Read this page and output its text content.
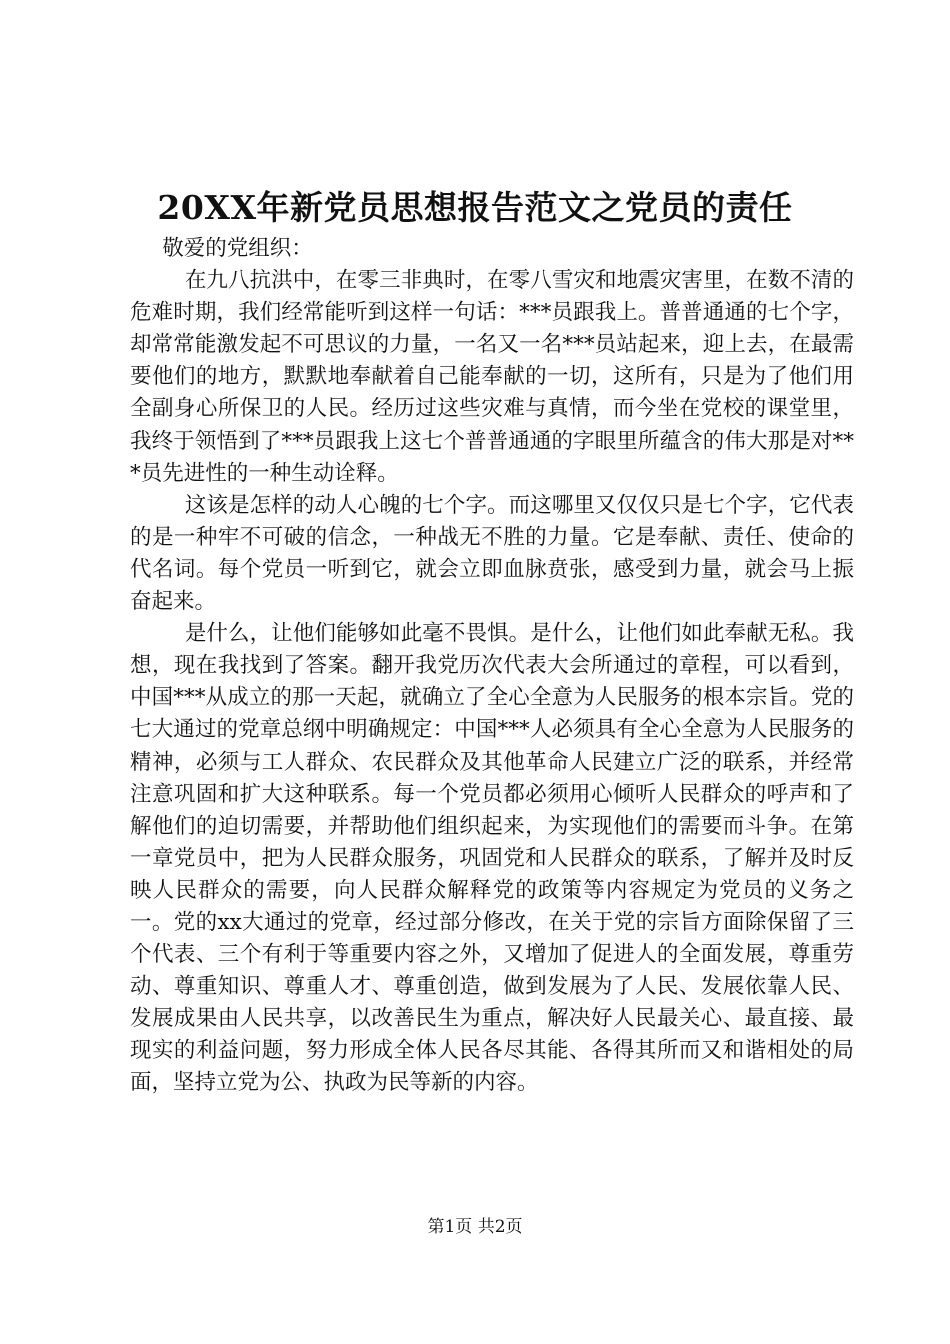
20XX年新党员思想报告范文之党员的责任

敬爱的党组织：

在九八抗洪中，在零三非典时，在零八雪灾和地震灾害里，在数不清的危难时期，我们经常能听到这样一句话：***员跟我上。普普通通的七个字，却常常能激发起不可思议的力量，一名又一名***员站起来，迎上去，在最需要他们的地方，默默地奉献着自己能奉献的一切，这所有，只是为了他们用全副身心所保卫的人民。经历过这些灾难与真情，而今坐在党校的课堂里，我终于领悟到了***员跟我上这七个普普通通的字眼里所蕴含的伟大那是对***员先进性的一种生动诠释。

这该是怎样的动人心魄的七个字。而这哪里又仅仅只是七个字，它代表的是一种牢不可破的信念，一种战无不胜的力量。它是奉献、责任、使命的代名词。每个党员一听到它，就会立即血脉贲张，感受到力量，就会马上振奋起来。

是什么，让他们能够如此毫不畏惧。是什么，让他们如此奉献无私。我想，现在我找到了答案。翻开我党历次代表大会所通过的章程，可以看到，中国***从成立的那一天起，就确立了全心全意为人民服务的根本宗旨。党的七大通过的党章总纲中明确规定：中国***人必须具有全心全意为人民服务的精神，必须与工人群众、农民群众及其他革命人民建立广泛的联系，并经常注意巩固和扩大这种联系。每一个党员都必须用心倾听人民群众的呼声和了解他们的迫切需要，并帮助他们组织起来，为实现他们的需要而斗争。在第一章党员中，把为人民群众服务，巩固党和人民群众的联系，了解并及时反映人民群众的需要，向人民群众解释党的政策等内容规定为党员的义务之一。党的xx大通过的党章，经过部分修改，在关于党的宗旨方面除保留了三个代表、三个有利于等重要内容之外，又增加了促进人的全面发展，尊重劳动、尊重知识、尊重人才、尊重创造，做到发展为了人民、发展依靠人民、发展成果由人民共享，以改善民生为重点，解决好人民最关心、最直接、最现实的利益问题，努力形成全体人民各尽其能、各得其所而又和谐相处的局面，坚持立党为公、执政为民等新的内容。

第1页 共2页
